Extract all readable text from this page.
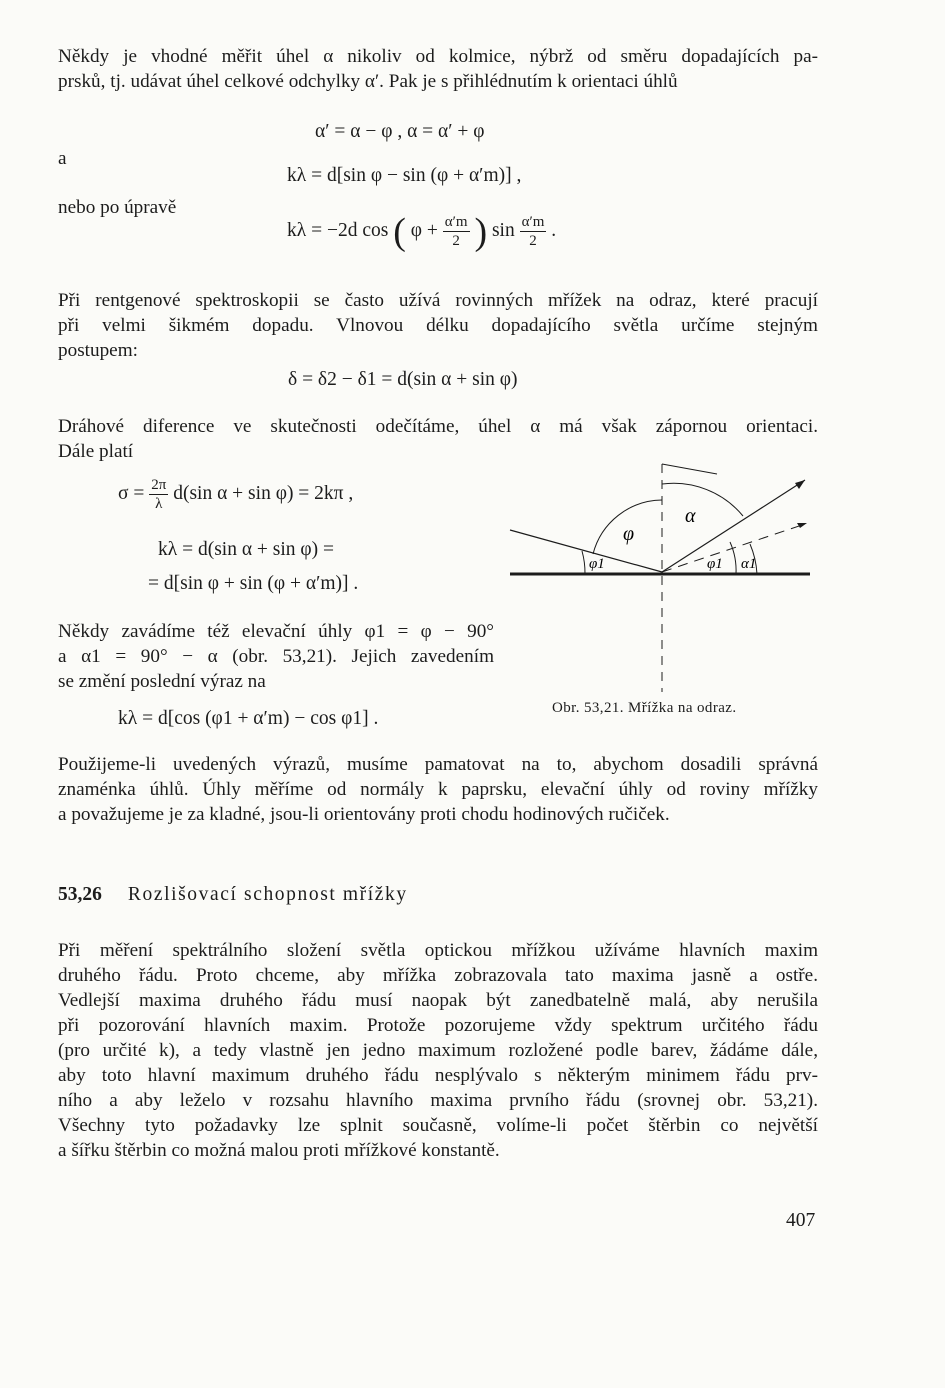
Někdy je vhodné měřit úhel α nikoliv od kolmice, nýbrž od směru dopadajících pa-
prsků, tj. udávat úhel celkové odchylky α′. Pak je s přihlédnutím k orientaci úhlů
α′ = α − φ , α = α′ + φ
a
kλ = d[sin φ − sin (φ + α′m)] ,
nebo po úpravě
kλ = −2d cos ( $\varphi + \frac{\alpha'm}{2}$ ) $\sin \frac{\alpha'm}{2}$ .
Při rentgenové spektroskopii se často užívá rovinných mřížek na odraz, které pracují
při velmi šikmém dopadu. Vlnovou délku dopadajícího světla určíme stejným
postupem:
δ = δ2 − δ1 = d(sin α + sin φ)
Dráhové diference ve skutečnosti odečítáme, úhel α má však zápornou orientaci.
Dále platí
$\sigma = \frac{2\pi}{\lambda} d(\sin$ α + sin φ) = 2kπ ,
kλ = d(sin α + sin φ) =
= d[sin φ + sin (φ + α′m)] .
Někdy zavádíme též elevační úhly φ1 = φ − 90°
a α1 = 90° − α (obr. 53,21). Jejich zavedením
se změní poslední výraz na
kλ = d[cos (φ1 + α′m) − cos φ1] .
φ
α
φ1	φ1 α1
Obr. 53,21. Mřížka na odraz.
Použijeme-li uvedených výrazů, musíme pamatovat na to, abychom dosadili správná
znaménka úhlů. Úhly měříme od normály k paprsku, elevační úhly od roviny mřížky
a považujeme je za kladné, jsou-li orientovány proti chodu hodinových ručiček.
53,26 Rozlišovací schopnost mřížky
Při měření spektrálního složení světla optickou mřížkou užíváme hlavních maxim
druhého řádu. Proto chceme, aby mřížka zobrazovala tato maxima jasně a ostře.
Vedlejší maxima druhého řádu musí naopak být zanedbatelně malá, aby nerušila
při pozorování hlavních maxim. Protože pozorujeme vždy spektrum určitého řádu
(pro určité k), a tedy vlastně jen jedno maximum rozložené podle barev, žádáme dále,
aby toto hlavní maximum druhého řádu nesplývalo s některým minimem řádu prv-
ního a aby leželo v rozsahu hlavního maxima prvního řádu (srovnej obr. 53,21).
Všechny tyto požadavky lze splnit současně, volíme-li počet štěrbin co největší
a šířku štěrbin co možná malou proti mřížkové konstantě.
407
